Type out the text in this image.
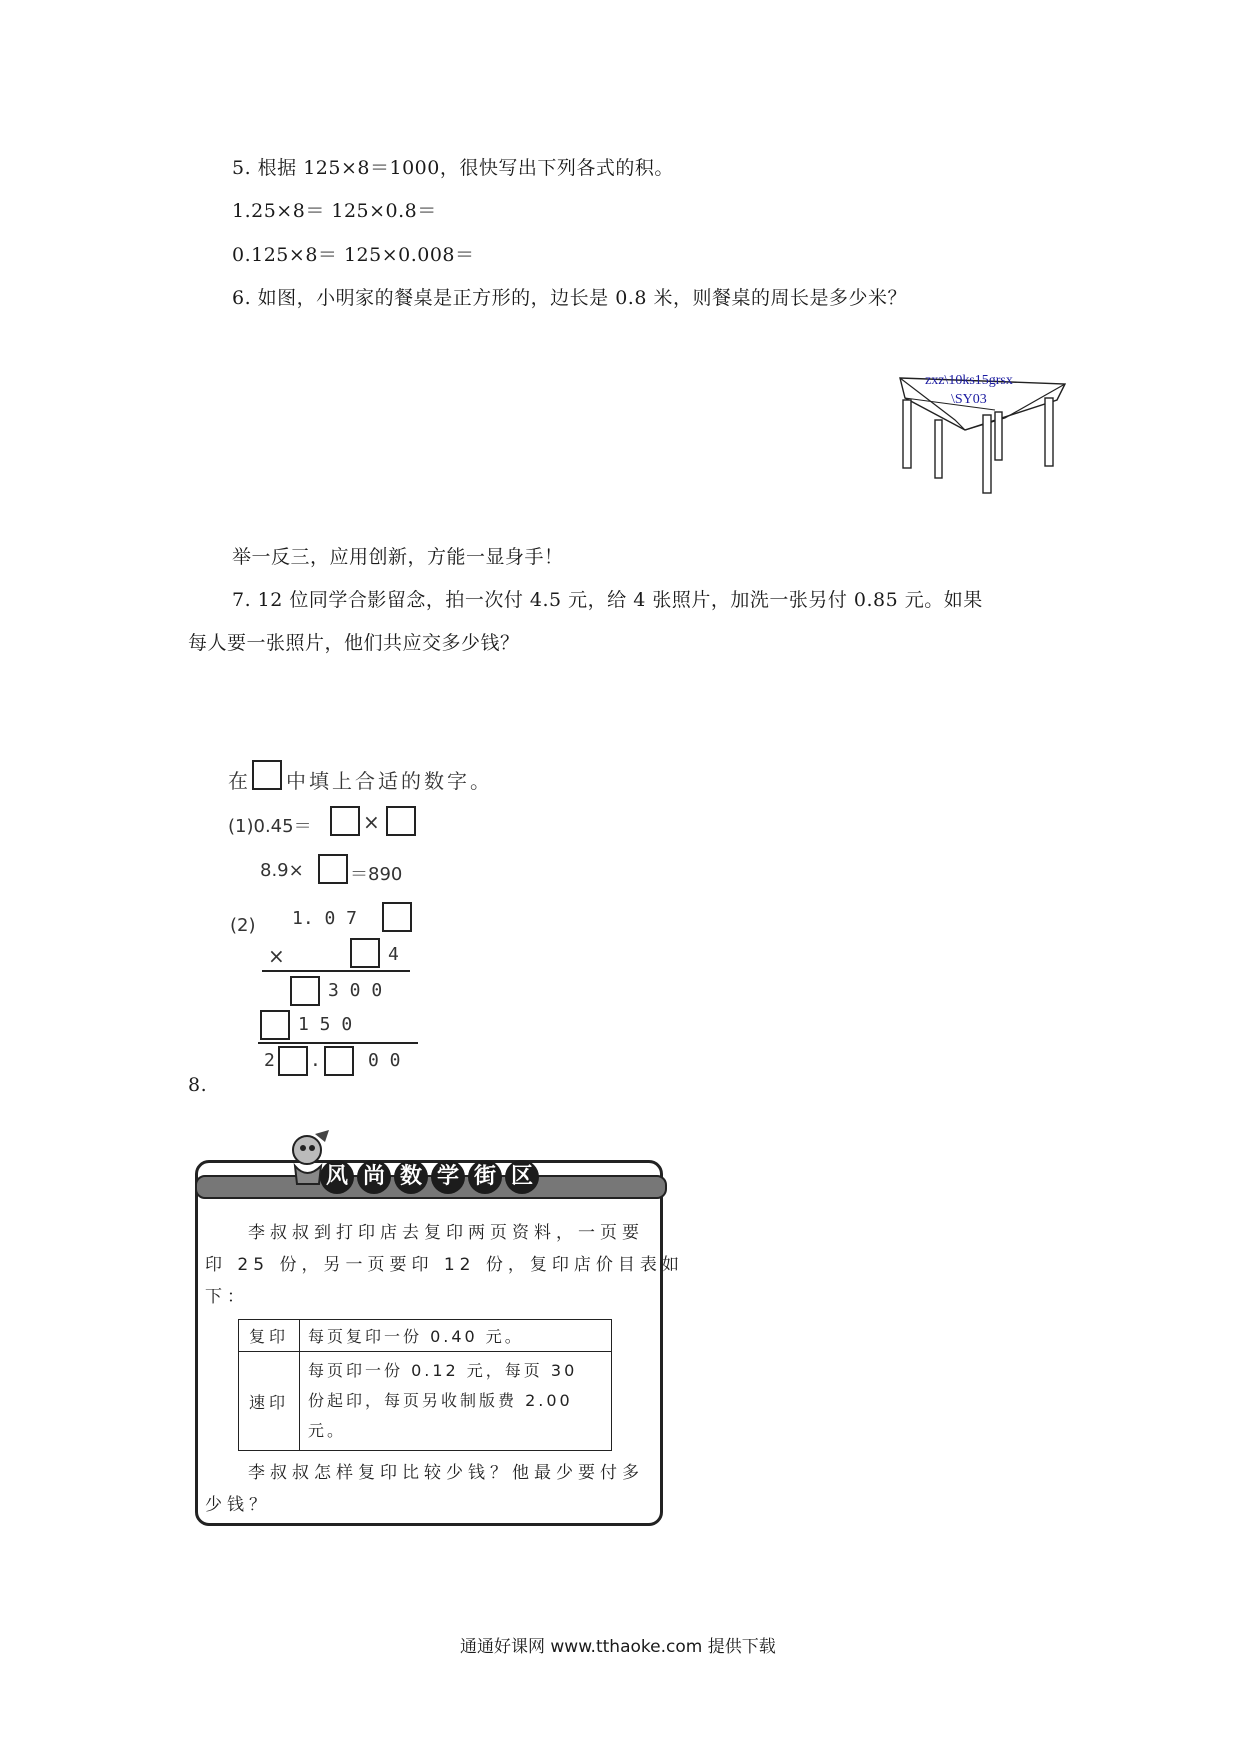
5. 根据 125×8＝1000，很快写出下列各式的积。
1.25×8＝ 125×0.8＝
0.125×8＝ 125×0.008＝
6. 如图，小明家的餐桌是正方形的，边长是 0.8 米，则餐桌的周长是多少米？
zxz\10ks15grsx
\SY03
举一反三，应用创新，方能一显身手！
7. 12 位同学合影留念，拍一次付 4.5 元，给 4 张照片，加洗一张另付 0.85 元。如果
每人要一张照片，他们共应交多少钱？
在 中填上合适的数字。
(1)0.45＝	×
8.9×	＝890
(2) 1. 0 7
×	4
3 0 0
1 5 0
2 .	0 0
8.
风 尚 数 学 街 区
李叔叔到打印店去复印两页资料，一页要
印 25 份，另一页要印 12 份，复印店价目表如
下：
复印	每页复印一份 0.40 元。
速印	每页印一份 0.12 元，每页 30 份起印，每页另收制版费 2.00 元。
李叔叔怎样复印比较少钱？他最少要付多
少钱？
通通好课网 www.tthaoke.com 提供下载
